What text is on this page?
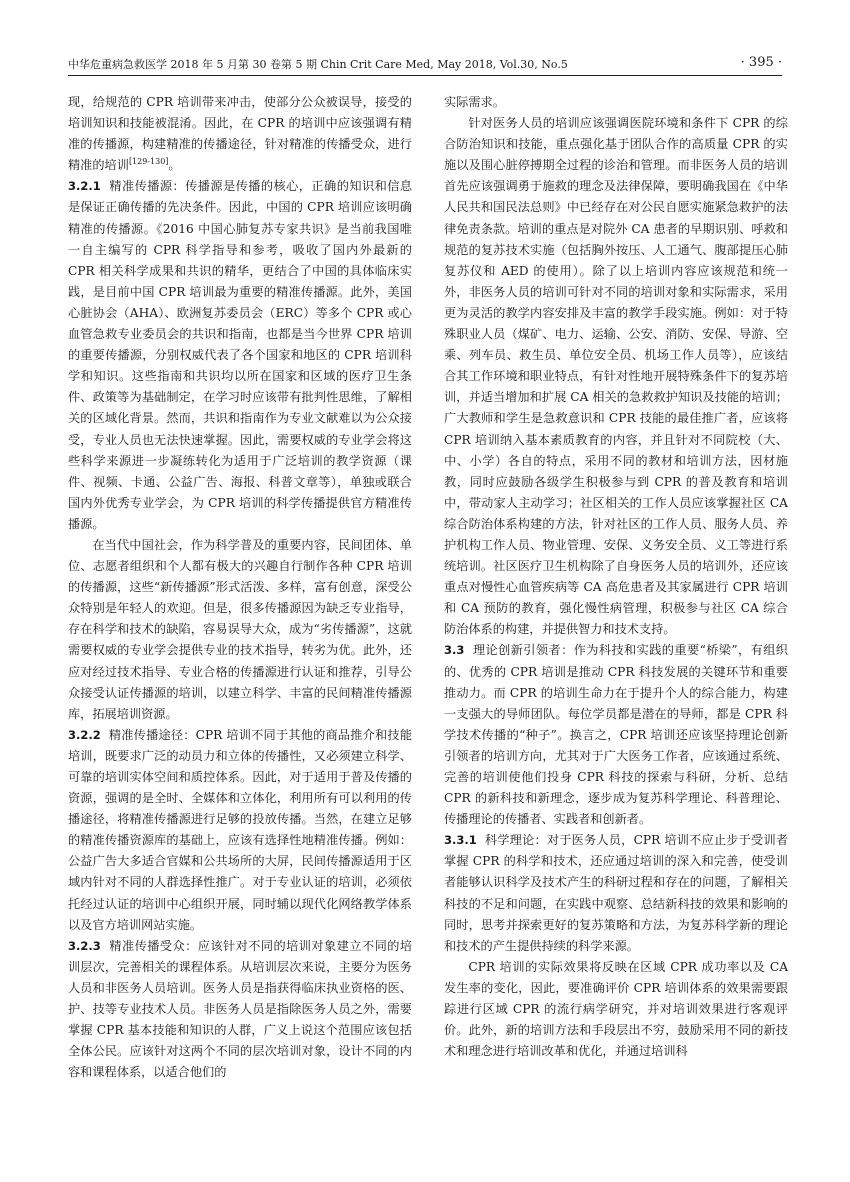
中华危重病急救医学 2018 年 5 月第 30 卷第 5 期 Chin Crit Care Med, May 2018, Vol.30, No.5	· 395 ·

现，给规范的 CPR 培训带来冲击，使部分公众被误导，接受的培训知识和技能被混淆。因此，在 CPR 的培训中应该强调有精准的传播源，构建精准的传播途径，针对精准的传播受众，进行精准的培训[129-130]。

3.2.1 精准传播源：传播源是传播的核心，正确的知识和信息是保证正确传播的先决条件。因此，中国的 CPR 培训应该明确精准的传播源。《2016 中国心肺复苏专家共识》是当前我国唯一自主编写的 CPR 科学指导和参考，吸收了国内外最新的 CPR 相关科学成果和共识的精华，更结合了中国的具体临床实践，是目前中国 CPR 培训最为重要的精准传播源。此外，美国心脏协会（AHA）、欧洲复苏委员会（ERC）等多个 CPR 或心血管急救专业委员会的共识和指南，也都是当今世界 CPR 培训的重要传播源，分别权威代表了各个国家和地区的 CPR 培训科学和知识。这些指南和共识均以所在国家和区域的医疗卫生条件、政策等为基础制定，在学习时应该带有批判性思维，了解相关的区域化背景。然而，共识和指南作为专业文献难以为公众接受，专业人员也无法快速掌握。因此，需要权威的专业学会将这些科学来源进一步凝练转化为适用于广泛培训的教学资源（课件、视频、卡通、公益广告、海报、科普文章等），单独或联合国内外优秀专业学会，为 CPR 培训的科学传播提供官方精准传播源。

在当代中国社会，作为科学普及的重要内容，民间团体、单位、志愿者组织和个人都有极大的兴趣自行制作各种 CPR 培训的传播源，这些“新传播源”形式活泼、多样，富有创意，深受公众特别是年轻人的欢迎。但是，很多传播源因为缺乏专业指导，存在科学和技术的缺陷，容易误导大众，成为“劣传播源”，这就需要权威的专业学会提供专业的技术指导，转劣为优。此外，还应对经过技术指导、专业合格的传播源进行认证和推荐，引导公众接受认证传播源的培训，以建立科学、丰富的民间精准传播源库，拓展培训资源。

3.2.2 精准传播途径：CPR 培训不同于其他的商品推介和技能培训，既要求广泛的动员力和立体的传播性，又必须建立科学、可靠的培训实体空间和质控体系。因此，对于适用于普及传播的资源，强调的是全时、全媒体和立体化，利用所有可以利用的传播途径，将精准传播源进行足够的投放传播。当然，在建立足够的精准传播资源库的基础上，应该有选择性地精准传播。例如：公益广告大多适合官媒和公共场所的大屏，民间传播源适用于区域内针对不同的人群选择性推广。对于专业认证的培训，必须依托经过认证的培训中心组织开展，同时辅以现代化网络教学体系以及官方培训网站实施。

3.2.3 精准传播受众：应该针对不同的培训对象建立不同的培训层次，完善相关的课程体系。从培训层次来说，主要分为医务人员和非医务人员培训。医务人员是指获得临床执业资格的医、护、技等专业技术人员。非医务人员是指除医务人员之外，需要掌握 CPR 基本技能和知识的人群，广义上说这个范围应该包括全体公民。应该针对这两个不同的层次培训对象，设计不同的内容和课程体系，以适合他们的

实际需求。

针对医务人员的培训应该强调医院环境和条件下 CPR 的综合防治知识和技能，重点强化基于团队合作的高质量 CPR 的实施以及围心脏停搏期全过程的诊治和管理。而非医务人员的培训首先应该强调勇于施救的理念及法律保障，要明确我国在《中华人民共和国民法总则》中已经存在对公民自愿实施紧急救护的法律免责条款。培训的重点是对院外 CA 患者的早期识别、呼救和规范的复苏技术实施（包括胸外按压、人工通气、腹部提压心肺复苏仪和 AED 的使用）。除了以上培训内容应该规范和统一外，非医务人员的培训可针对不同的培训对象和实际需求，采用更为灵活的教学内容安排及丰富的教学手段实施。例如：对于特殊职业人员（煤矿、电力、运输、公安、消防、安保、导游、空乘、列车员、救生员、单位安全员、机场工作人员等），应该结合其工作环境和职业特点，有针对性地开展特殊条件下的复苏培训，并适当增加和扩展 CA 相关的急救救护知识及技能的培训；广大教师和学生是急救意识和 CPR 技能的最佳推广者，应该将 CPR 培训纳入基本素质教育的内容，并且针对不同院校（大、中、小学）各自的特点，采用不同的教材和培训方法，因材施教，同时应鼓励各级学生积极参与到 CPR 的普及教育和培训中，带动家人主动学习；社区相关的工作人员应该掌握社区 CA 综合防治体系构建的方法，针对社区的工作人员、服务人员、养护机构工作人员、物业管理、安保、义务安全员、义工等进行系统培训。社区医疗卫生机构除了自身医务人员的培训外，还应该重点对慢性心血管疾病等 CA 高危患者及其家属进行 CPR 培训和 CA 预防的教育，强化慢性病管理，积极参与社区 CA 综合防治体系的构建，并提供智力和技术支持。

3.3 理论创新引领者：作为科技和实践的重要“桥梁”，有组织的、优秀的 CPR 培训是推动 CPR 科技发展的关键环节和重要推动力。而 CPR 的培训生命力在于提升个人的综合能力，构建一支强大的导师团队。每位学员都是潜在的导师，都是 CPR 科学技术传播的“种子”。换言之，CPR 培训还应该坚持理论创新引领者的培训方向，尤其对于广大医务工作者，应该通过系统、完善的培训使他们投身 CPR 科技的探索与科研，分析、总结 CPR 的新科技和新理念，逐步成为复苏科学理论、科普理论、传播理论的传播者、实践者和创新者。

3.3.1 科学理论：对于医务人员，CPR 培训不应止步于受训者掌握 CPR 的科学和技术，还应通过培训的深入和完善，使受训者能够认识科学及技术产生的科研过程和存在的问题，了解相关科技的不足和问题，在实践中观察、总结新科技的效果和影响的同时，思考并探索更好的复苏策略和方法，为复苏科学新的理论和技术的产生提供持续的科学来源。

CPR 培训的实际效果将反映在区域 CPR 成功率以及 CA 发生率的变化，因此，要准确评价 CPR 培训体系的效果需要跟踪进行区域 CPR 的流行病学研究，并对培训效果进行客观评价。此外，新的培训方法和手段层出不穷，鼓励采用不同的新技术和理念进行培训改革和优化，并通过培训科
